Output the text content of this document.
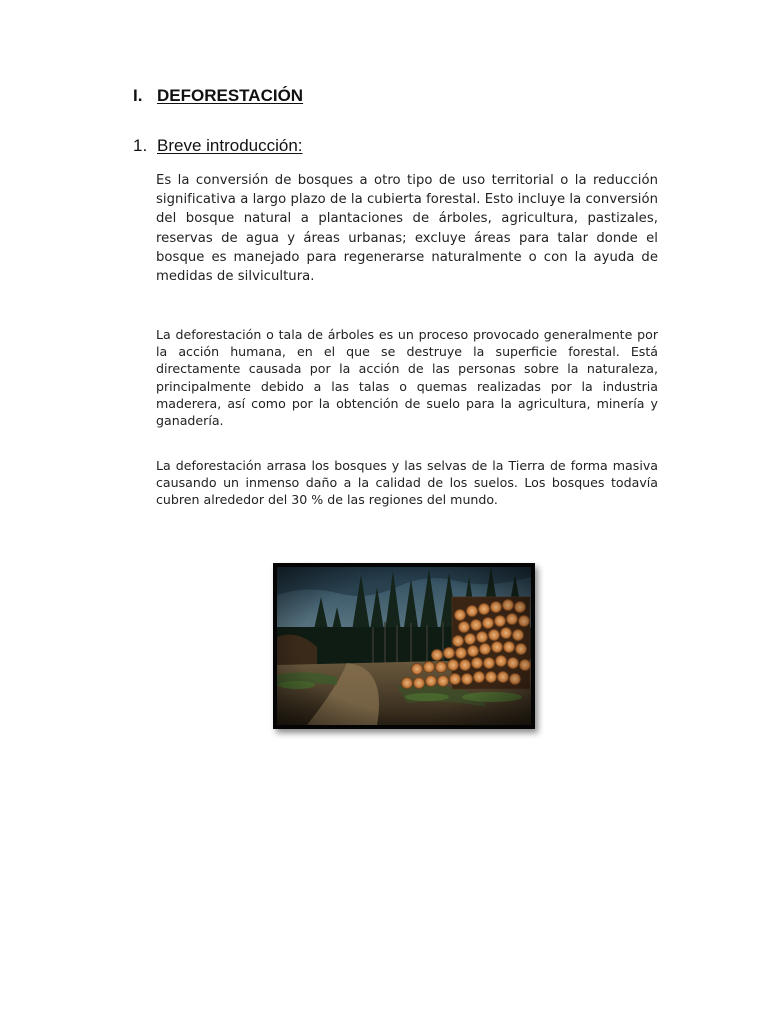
I. DEFORESTACIÓN
1. Breve introducción:

Es la conversión de bosques a otro tipo de uso territorial o la reducción significativa a largo plazo de la cubierta forestal. Esto incluye la conversión del bosque natural a plantaciones de árboles, agricultura, pastizales, reservas de agua y áreas urbanas; excluye áreas para talar donde el bosque es manejado para regenerarse naturalmente o con la ayuda de medidas de silvicultura.

La deforestación o tala de árboles es un proceso provocado generalmente por la acción humana, en el que se destruye la superficie forestal. Está directamente causada por la acción de las personas sobre la naturaleza, principalmente debido a las talas o quemas realizadas por la industria maderera, así como por la obtención de suelo para la agricultura, minería y ganadería.

La deforestación arrasa los bosques y las selvas de la Tierra de forma masiva causando un inmenso daño a la calidad de los suelos. Los bosques todavía cubren alrededor del 30 % de las regiones del mundo.
